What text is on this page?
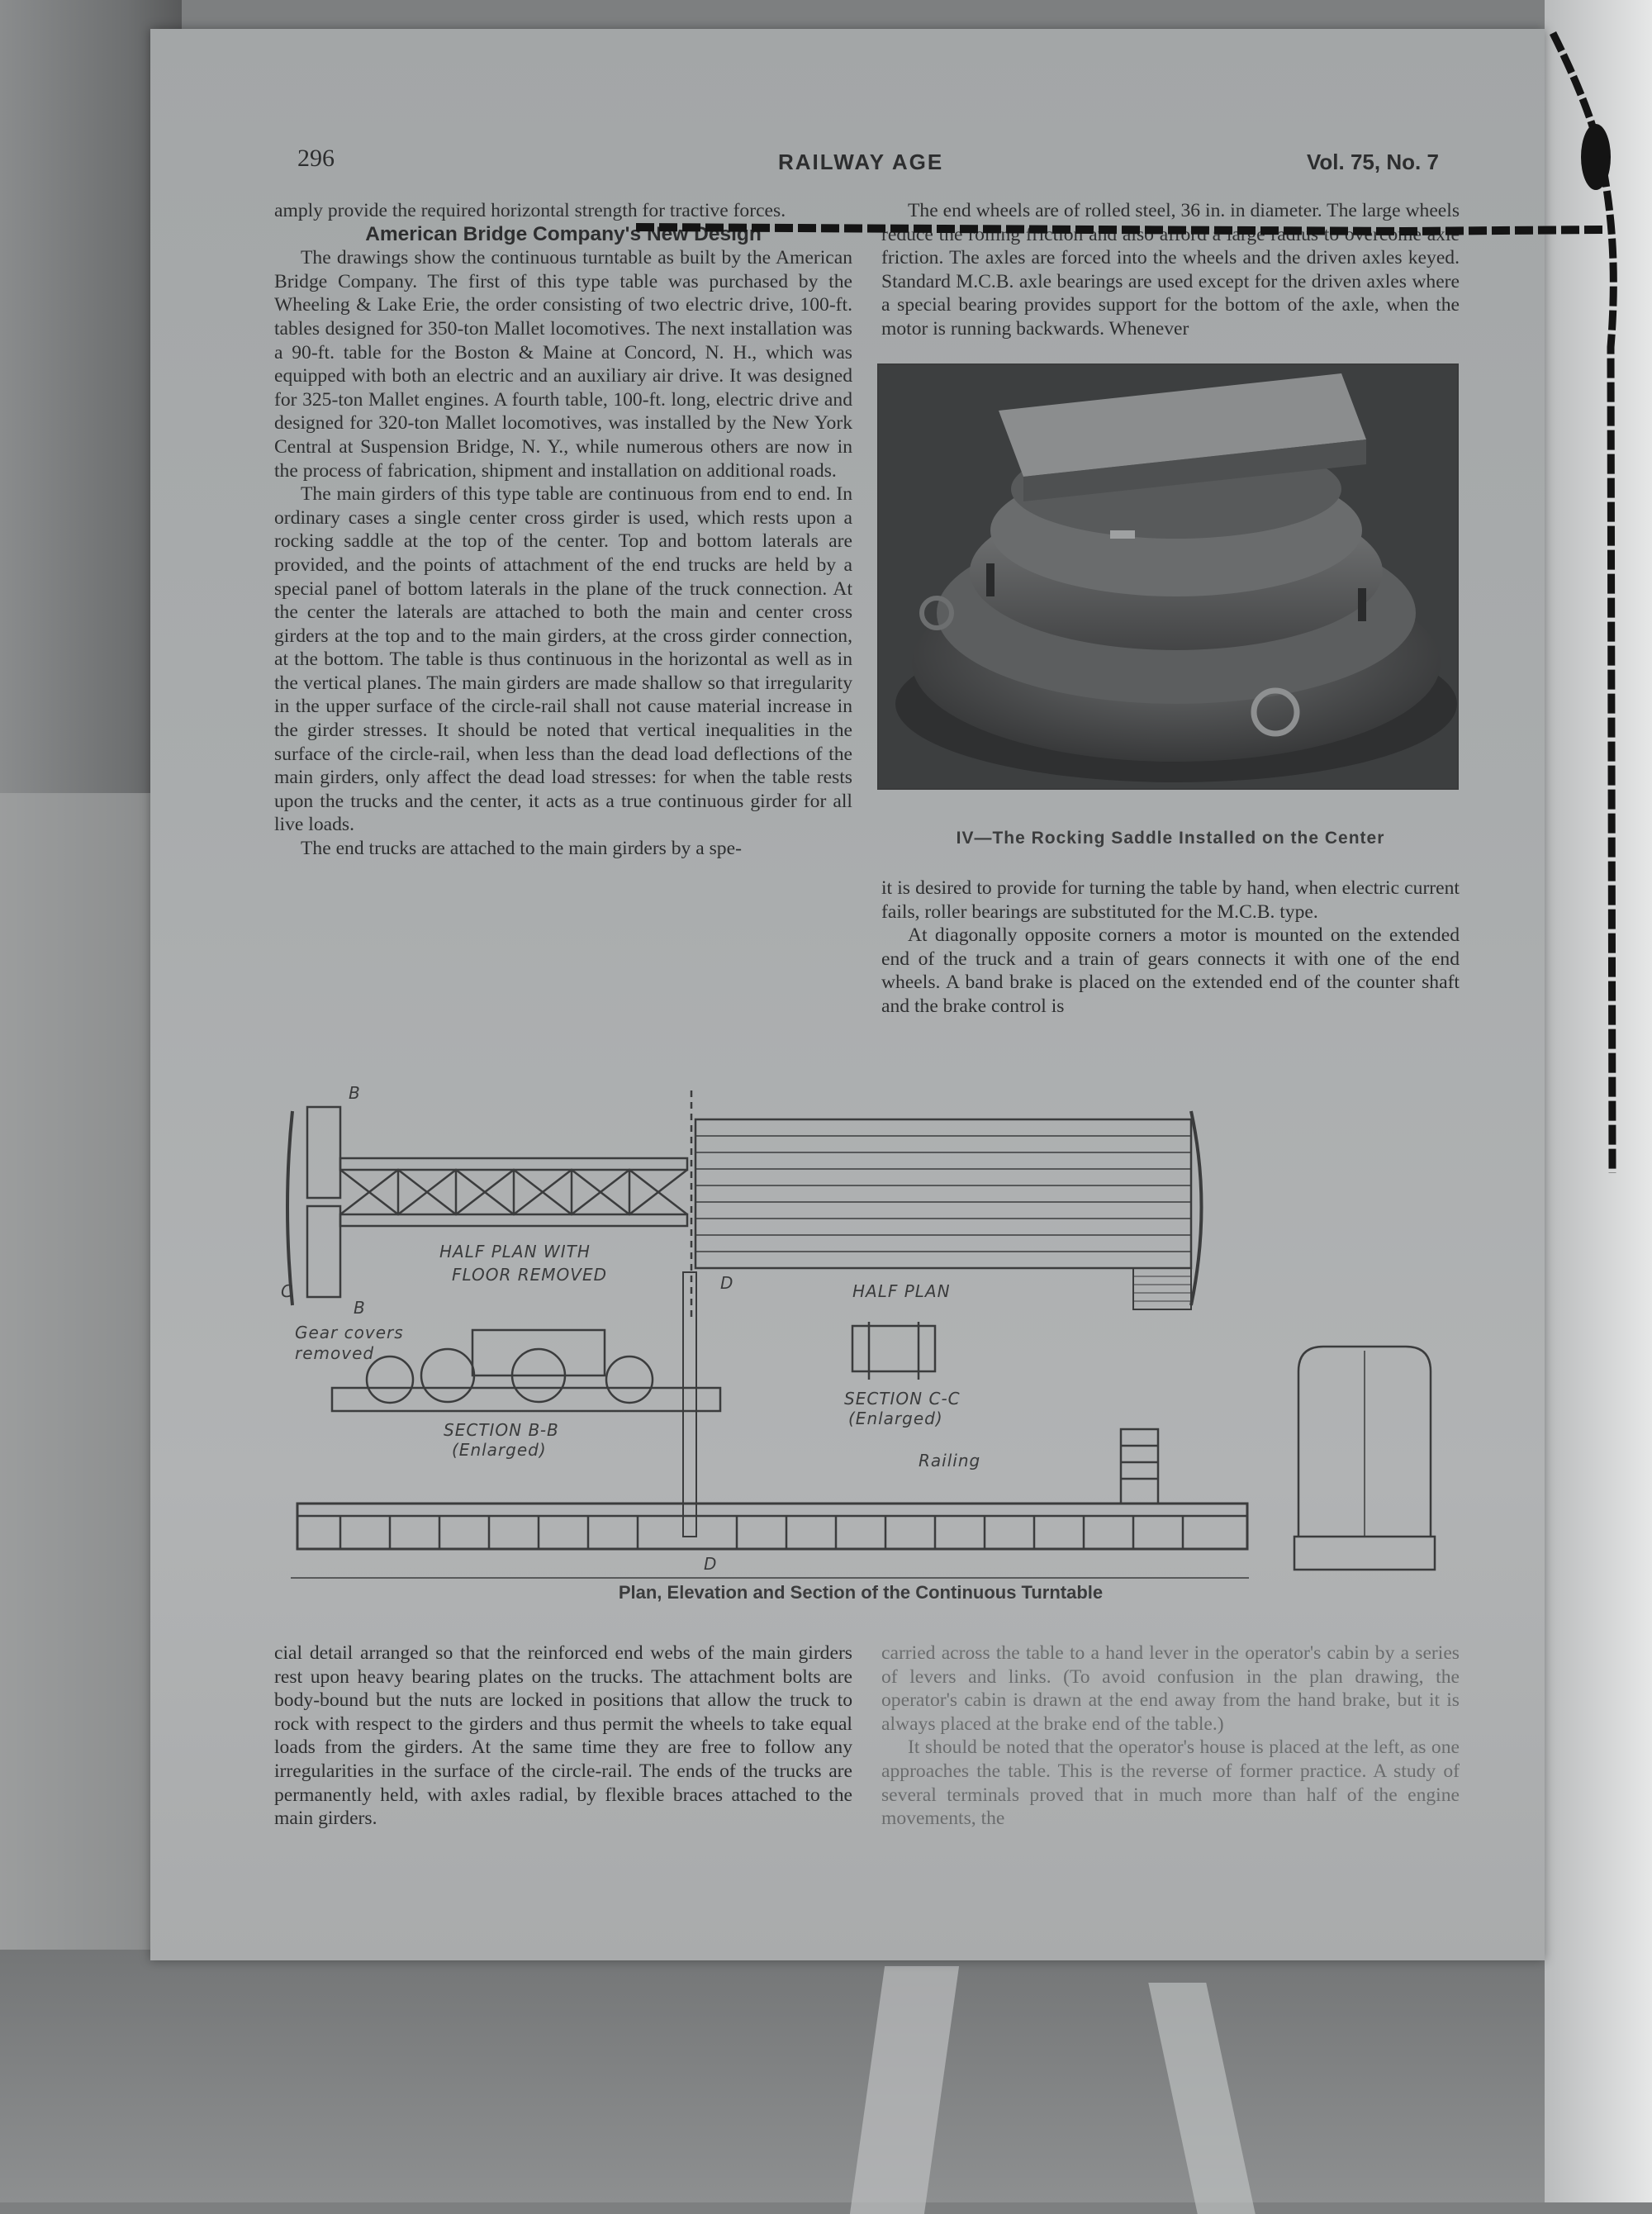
296	RAILWAY AGE	Vol. 75, No. 7

amply provide the required horizontal strength for tractive forces.

American Bridge Company's New Design

The drawings show the continuous turntable as built by the American Bridge Company. The first of this type table was purchased by the Wheeling & Lake Erie, the order consisting of two electric drive, 100-ft. tables designed for 350-ton Mallet locomotives. The next installation was a 90-ft. table for the Boston & Maine at Concord, N. H., which was equipped with both an electric and an auxiliary air drive. It was designed for 325-ton Mallet engines. A fourth table, 100-ft. long, electric drive and designed for 320-ton Mallet locomotives, was installed by the New York Central at Suspension Bridge, N. Y., while numerous others are now in the process of fabrication, shipment and installation on additional roads.

The main girders of this type table are continuous from end to end. In ordinary cases a single center cross girder is used, which rests upon a rocking saddle at the top of the center. Top and bottom laterals are provided, and the points of attachment of the end trucks are held by a special panel of bottom laterals in the plane of the truck connection. At the center the laterals are attached to both the main and center cross girders at the top and to the main girders, at the cross girder connection, at the bottom. The table is thus continuous in the horizontal as well as in the vertical planes. The main girders are made shallow so that irregularity in the upper surface of the circle-rail shall not cause material increase in the girder stresses. It should be noted that vertical inequalities in the surface of the circle-rail, when less than the dead load deflections of the main girders, only affect the dead load stresses: for when the table rests upon the trucks and the center, it acts as a true continuous girder for all live loads.

The end trucks are attached to the main girders by a spe-

The end wheels are of rolled steel, 36 in. in diameter. The large wheels reduce the rolling friction and also afford a large radius to overcome axle friction. The axles are forced into the wheels and the driven axles keyed. Standard M.C.B. axle bearings are used except for the driven axles where a special bearing provides support for the bottom of the axle, when the motor is running backwards. Whenever

IV—The Rocking Saddle Installed on the Center

it is desired to provide for turning the table by hand, when electric current fails, roller bearings are substituted for the M.C.B. type.

At diagonally opposite corners a motor is mounted on the extended end of the truck and a train of gears connects it with one of the end wheels. A band brake is placed on the extended end of the counter shaft and the brake control is

HALF PLAN WITH
FLOOR REMOVED
HALF PLAN
Gear covers
removed
SECTION B-B
(Enlarged)
SECTION C-C
(Enlarged)
Railing
B
B
C	D
D
Plan, Elevation and Section of the Continuous Turntable

cial detail arranged so that the reinforced end webs of the main girders rest upon heavy bearing plates on the trucks. The attachment bolts are body-bound but the nuts are locked in positions that allow the truck to rock with respect to the girders and thus permit the wheels to take equal loads from the girders. At the same time they are free to follow any irregularities in the surface of the circle-rail. The ends of the trucks are permanently held, with axles radial, by flexible braces attached to the main girders.

carried across the table to a hand lever in the operator's cabin by a series of levers and links. (To avoid confusion in the plan drawing, the operator's cabin is drawn at the end away from the hand brake, but it is always placed at the brake end of the table.)

It should be noted that the operator's house is placed at the left, as one approaches the table. This is the reverse of former practice. A study of several terminals proved that in much more than half of the engine movements, the
